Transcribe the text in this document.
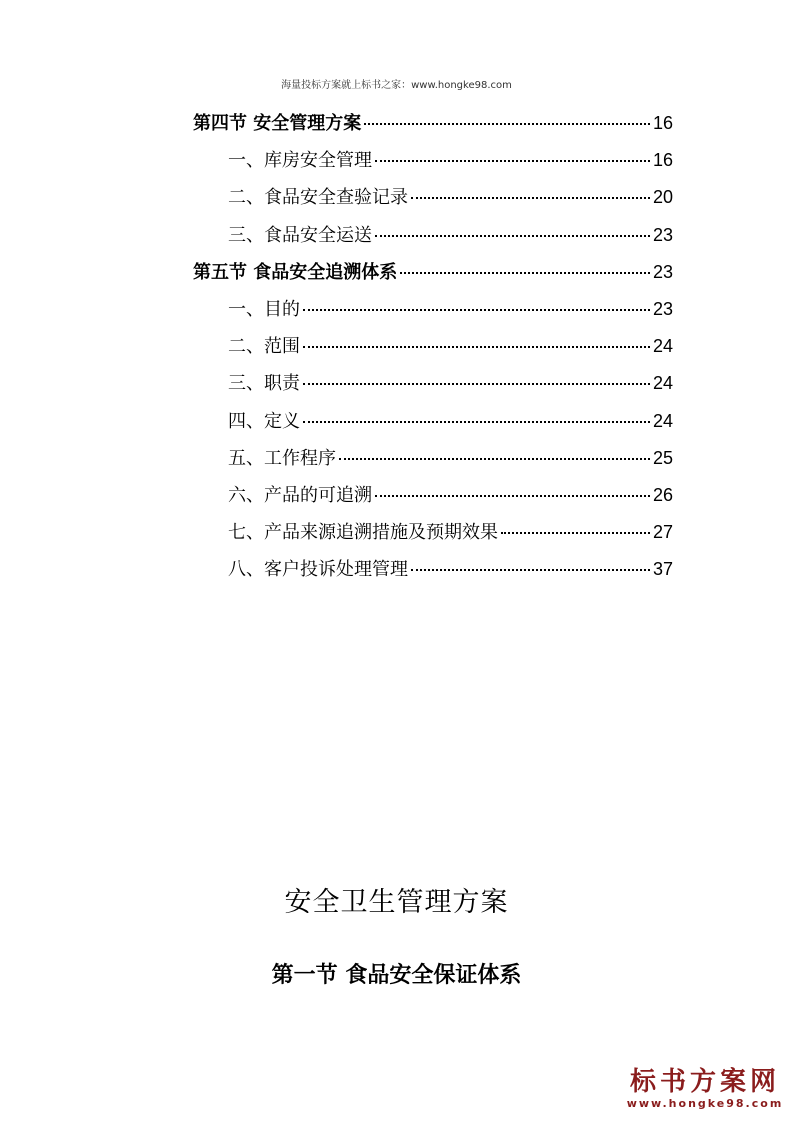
海量投标方案就上标书之家：www.hongke98.com
第四节 安全管理方案	16
一、库房安全管理	16
二、食品安全查验记录	20
三、食品安全运送	23
第五节 食品安全追溯体系	23
一、目的	23
二、范围	24
三、职责	24
四、定义	24
五、工作程序	25
六、产品的可追溯	26
七、产品来源追溯措施及预期效果	27
八、客户投诉处理管理	37
安全卫生管理方案
第一节 食品安全保证体系
标书方案网
www.hongke98.com
